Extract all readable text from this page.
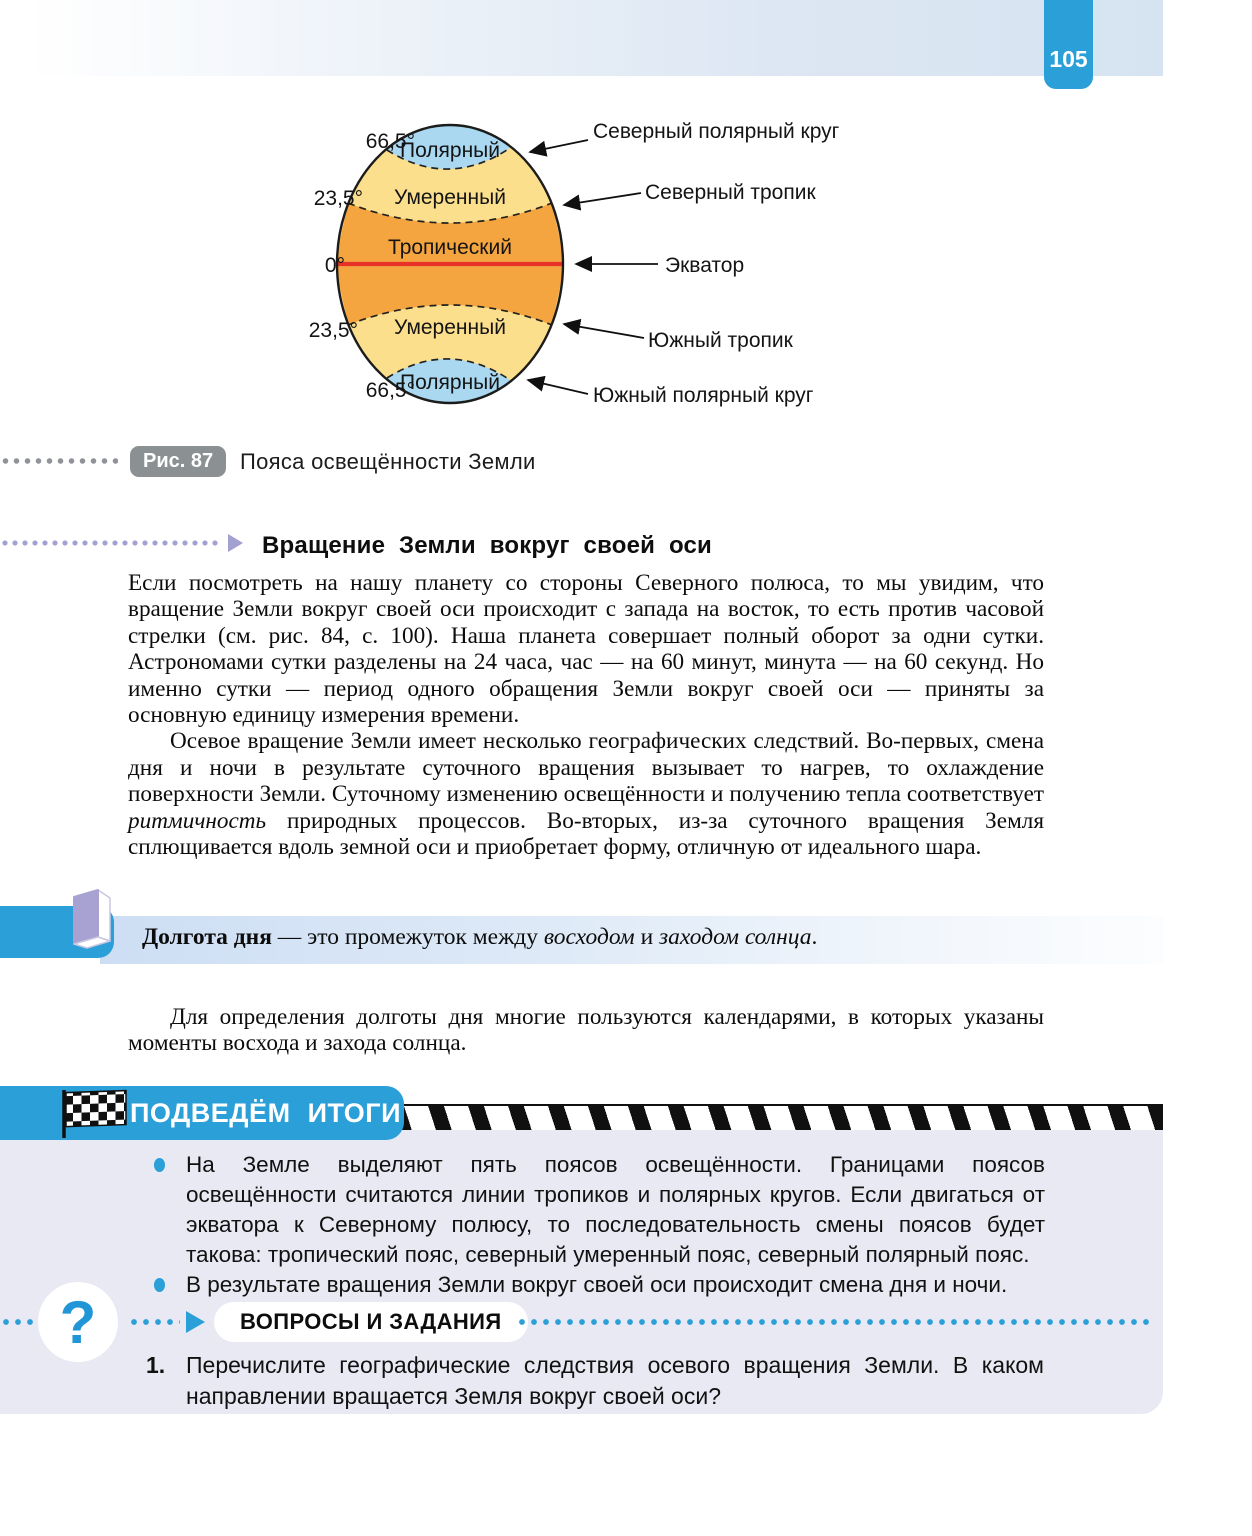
105
Полярный
Умеренный
Тропический
Умеренный
Полярный
66,5°
23,5°
0°
23,5°
66,5°
Северный полярный круг
Северный тропик
Экватор
Южный тропик
Южный полярный круг
Рис. 87	Пояса освещённости Земли
Вращение Земли вокруг своей оси

Если посмотреть на нашу планету со стороны Северного полюса, то мы увидим, что вращение Земли вокруг своей оси происходит с запада на восток, то есть против часовой стрелки (см. рис. 84, с. 100). Наша планета совершает полный оборот за одни сутки. Астрономами сутки разделены на 24 часа, час — на 60 минут, минута — на 60 секунд. Но именно сутки — период одного обращения Земли вокруг своей оси — приняты за основную единицу измерения времени.

Осевое вращение Земли имеет несколько географических следствий. Во-первых, смена дня и ночи в результате суточного вращения вызывает то нагрев, то охлаждение поверхности Земли. Суточному изменению освещённости и получению тепла соответствует ритмичность природных процессов. Во-вторых, из-за суточного вращения Земля сплющивается вдоль земной оси и приобретает форму, отличную от идеального шара.

Долгота дня — это промежуток между восходом и заходом солнца.

Для определения долготы дня многие пользуются календарями, в которых указаны моменты восхода и захода солнца.

ПОДВЕДЁМ ИТОГИ
На Земле выделяют пять поясов освещённости. Границами поясов освещённости считаются линии тропиков и полярных кругов. Если двигаться от экватора к Северному полюсу, то последовательность смены поясов будет такова: тропический пояс, северный умеренный пояс, северный полярный пояс.
В результате вращения Земли вокруг своей оси происходит смена дня и ночи.
?	ВОПРОСЫ И ЗАДАНИЯ
1. Перечислите географические следствия осевого вращения Земли. В каком направлении вращается Земля вокруг своей оси?
